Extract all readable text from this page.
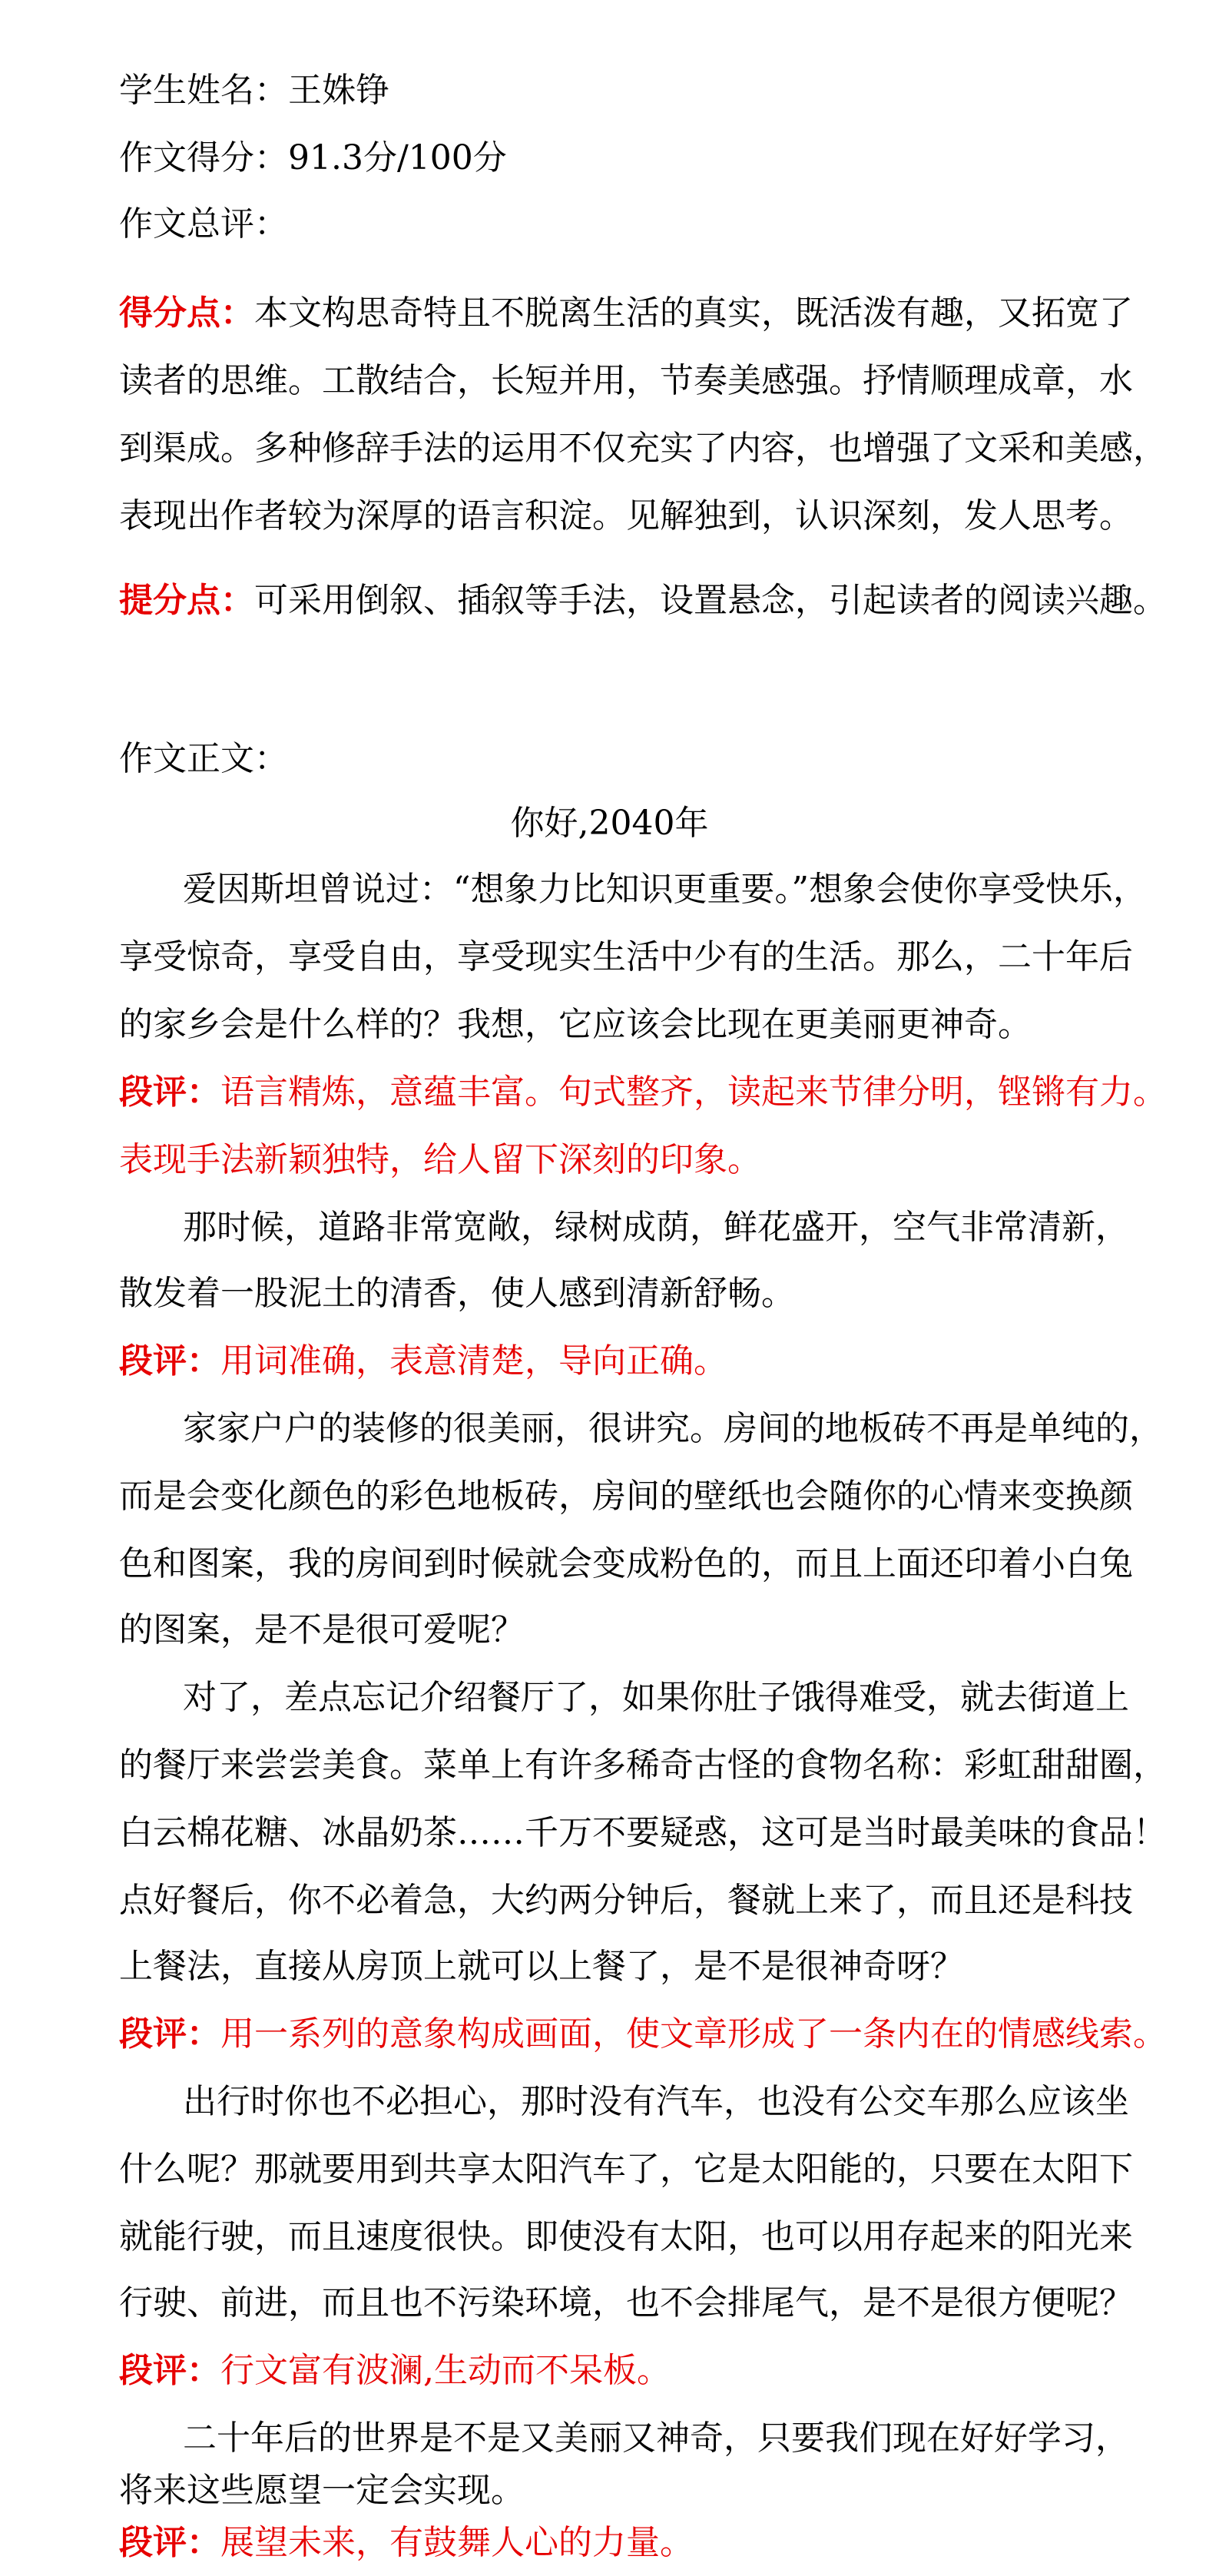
学生姓名：王姝铮
作文得分：91.3分/100分
作文总评：
得分点：本文构思奇特且不脱离生活的真实，既活泼有趣，又拓宽了
读者的思维。工散结合，长短并用，节奏美感强。抒情顺理成章，水
到渠成。多种修辞手法的运用不仅充实了内容，也增强了文采和美感，
表现出作者较为深厚的语言积淀。见解独到，认识深刻，发人思考。
提分点：可采用倒叙、插叙等手法，设置悬念，引起读者的阅读兴趣。
作文正文：
你好,2040年
爱因斯坦曾说过：“想象力比知识更重要。”想象会使你享受快乐，
享受惊奇，享受自由，享受现实生活中少有的生活。那么，二十年后
的家乡会是什么样的？我想，它应该会比现在更美丽更神奇。
段评：语言精炼，意蕴丰富。句式整齐，读起来节律分明，铿锵有力。
表现手法新颖独特，给人留下深刻的印象。
那时候，道路非常宽敞，绿树成荫，鲜花盛开，空气非常清新，
散发着一股泥土的清香，使人感到清新舒畅。
段评：用词准确，表意清楚，导向正确。
家家户户的装修的很美丽，很讲究。房间的地板砖不再是单纯的，
而是会变化颜色的彩色地板砖，房间的壁纸也会随你的心情来变换颜
色和图案，我的房间到时候就会变成粉色的，而且上面还印着小白兔
的图案，是不是很可爱呢？
对了，差点忘记介绍餐厅了，如果你肚子饿得难受，就去街道上
的餐厅来尝尝美食。菜单上有许多稀奇古怪的食物名称：彩虹甜甜圈，
白云棉花糖、冰晶奶茶……千万不要疑惑，这可是当时最美味的食品！
点好餐后，你不必着急，大约两分钟后，餐就上来了，而且还是科技
上餐法，直接从房顶上就可以上餐了，是不是很神奇呀？
段评：用一系列的意象构成画面，使文章形成了一条内在的情感线索。
出行时你也不必担心，那时没有汽车，也没有公交车那么应该坐
什么呢？那就要用到共享太阳汽车了，它是太阳能的，只要在太阳下
就能行驶，而且速度很快。即使没有太阳，也可以用存起来的阳光来
行驶、前进，而且也不污染环境，也不会排尾气，是不是很方便呢？
段评：行文富有波澜,生动而不呆板。
二十年后的世界是不是又美丽又神奇，只要我们现在好好学习，
将来这些愿望一定会实现。
段评：展望未来，有鼓舞人心的力量。
